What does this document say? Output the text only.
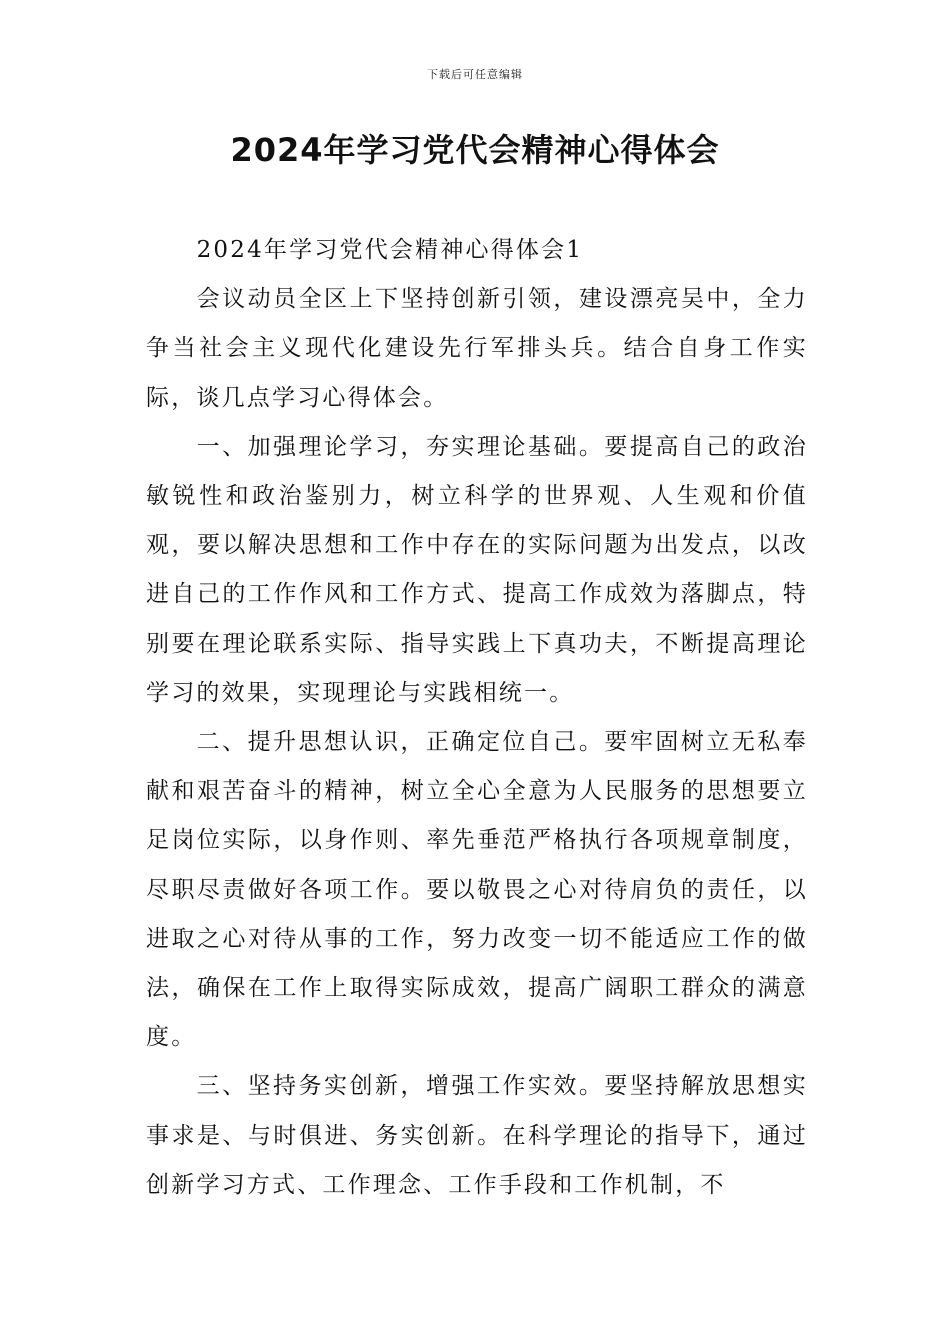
下载后可任意编辑
2024年学习党代会精神心得体会

2024年学习党代会精神心得体会1

会议动员全区上下坚持创新引领，建设漂亮吴中，全力争当社会主义现代化建设先行军排头兵。结合自身工作实际，谈几点学习心得体会。

一、加强理论学习，夯实理论基础。要提高自己的政治敏锐性和政治鉴别力，树立科学的世界观、人生观和价值观，要以解决思想和工作中存在的实际问题为出发点，以改进自己的工作作风和工作方式、提高工作成效为落脚点，特别要在理论联系实际、指导实践上下真功夫，不断提高理论学习的效果，实现理论与实践相统一。

二、提升思想认识，正确定位自己。要牢固树立无私奉献和艰苦奋斗的精神，树立全心全意为人民服务的思想要立足岗位实际，以身作则、率先垂范严格执行各项规章制度，尽职尽责做好各项工作。要以敬畏之心对待肩负的责任，以进取之心对待从事的工作，努力改变一切不能适应工作的做法，确保在工作上取得实际成效，提高广阔职工群众的满意度。

三、坚持务实创新，增强工作实效。要坚持解放思想实事求是、与时俱进、务实创新。在科学理论的指导下，通过创新学习方式、工作理念、工作手段和工作机制，不
